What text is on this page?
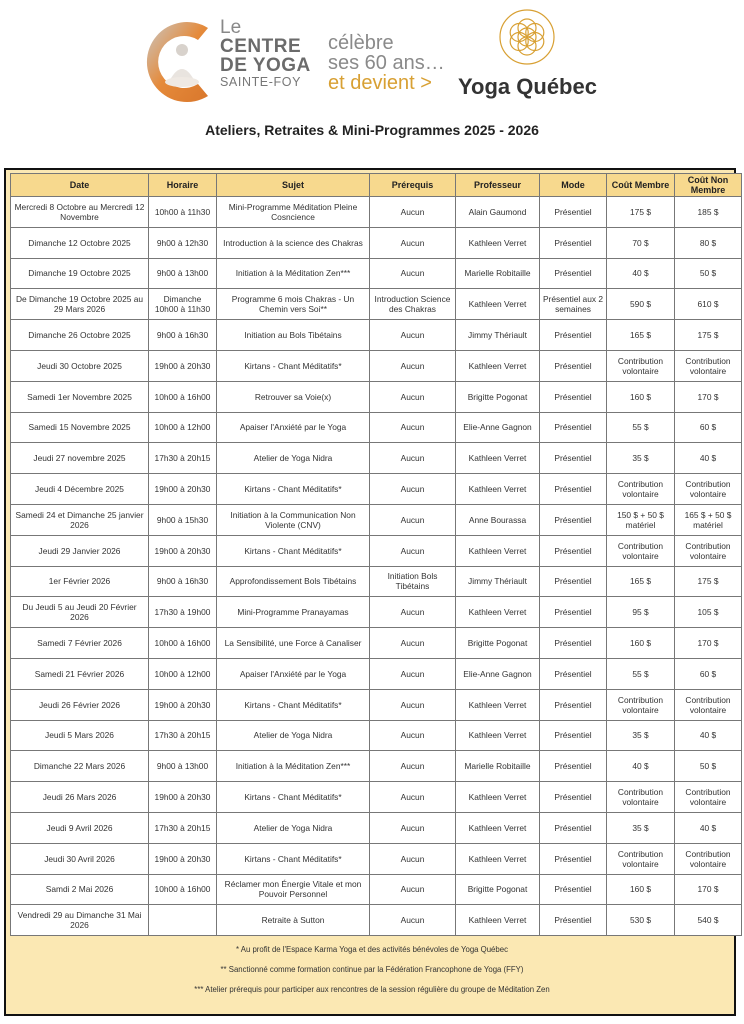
Le
CENTRE
DE YOGA
SAINTE-FOY
célèbre
ses 60 ans…
et devient >	Yoga Québec
Ateliers, Retraites & Mini-Programmes 2025 - 2026
Date	Horaire	Sujet	Prérequis	Professeur	Mode	Coût Membre	Coût Non Membre
Mercredi 8 Octobre au Mercredi 12 Novembre	10h00 à 11h30	Mini-Programme Méditation Pleine Cosncience	Aucun	Alain Gaumond	Présentiel	175 $	185 $
Dimanche 12 Octobre 2025	9h00 à 12h30	Introduction à la science des Chakras	Aucun	Kathleen Verret	Présentiel	70 $	80 $
Dimanche 19 Octobre 2025	9h00 à 13h00	Initiation à la Méditation Zen***	Aucun	Marielle Robitaille	Présentiel	40 $	50 $
De Dimanche 19 Octobre 2025 au 29 Mars 2026	Dimanche 10h00 à 11h30	Programme 6 mois Chakras - Un Chemin vers Soi**	Introduction Science des Chakras	Kathleen Verret	Présentiel aux 2 semaines	590 $	610 $
Dimanche 26 Octobre 2025	9h00 à 16h30	Initiation au Bols Tibétains	Aucun	Jimmy Thériault	Présentiel	165 $	175 $
Jeudi 30 Octobre 2025	19h00 à 20h30	Kirtans - Chant Méditatifs*	Aucun	Kathleen Verret	Présentiel	Contribution volontaire	Contribution volontaire
Samedi 1er Novembre 2025	10h00 à 16h00	Retrouver sa Voie(x)	Aucun	Brigitte Pogonat	Présentiel	160 $	170 $
Samedi 15 Novembre 2025	10h00 à 12h00	Apaiser l'Anxiété par le Yoga	Aucun	Elie-Anne Gagnon	Présentiel	55 $	60 $
Jeudi 27 novembre 2025	17h30 à 20h15	Atelier de Yoga Nidra	Aucun	Kathleen Verret	Présentiel	35 $	40 $
Jeudi 4 Décembre 2025	19h00 à 20h30	Kirtans - Chant Méditatifs*	Aucun	Kathleen Verret	Présentiel	Contribution volontaire	Contribution volontaire
Samedi 24 et Dimanche 25 janvier 2026	9h00 à 15h30	Initiation à la Communication Non Violente (CNV)	Aucun	Anne Bourassa	Présentiel	150 $ + 50 $ matériel	165 $ + 50 $ matériel
Jeudi 29 Janvier 2026	19h00 à 20h30	Kirtans - Chant Méditatifs*	Aucun	Kathleen Verret	Présentiel	Contribution volontaire	Contribution volontaire
1er Février 2026	9h00 à 16h30	Approfondissement Bols Tibétains	Initiation Bols Tibétains	Jimmy Thériault	Présentiel	165 $	175 $
Du Jeudi 5 au Jeudi 20 Février 2026	17h30 à 19h00	Mini-Programme Pranayamas	Aucun	Kathleen Verret	Présentiel	95 $	105 $
Samedi 7 Février 2026	10h00 à 16h00	La Sensibilité, une Force à Canaliser	Aucun	Brigitte Pogonat	Présentiel	160 $	170 $
Samedi 21 Février 2026	10h00 à 12h00	Apaiser l'Anxiété par le Yoga	Aucun	Elie-Anne Gagnon	Présentiel	55 $	60 $
Jeudi 26 Février 2026	19h00 à 20h30	Kirtans - Chant Méditatifs*	Aucun	Kathleen Verret	Présentiel	Contribution volontaire	Contribution volontaire
Jeudi 5 Mars 2026	17h30 à 20h15	Atelier de Yoga Nidra	Aucun	Kathleen Verret	Présentiel	35 $	40 $
Dimanche 22 Mars 2026	9h00 à 13h00	Initiation à la Méditation Zen***	Aucun	Marielle Robitaille	Présentiel	40 $	50 $
Jeudi 26 Mars 2026	19h00 à 20h30	Kirtans - Chant Méditatifs*	Aucun	Kathleen Verret	Présentiel	Contribution volontaire	Contribution volontaire
Jeudi 9 Avril 2026	17h30 à 20h15	Atelier de Yoga Nidra	Aucun	Kathleen Verret	Présentiel	35 $	40 $
Jeudi 30 Avril 2026	19h00 à 20h30	Kirtans - Chant Méditatifs*	Aucun	Kathleen Verret	Présentiel	Contribution volontaire	Contribution volontaire
Samdi 2 Mai 2026	10h00 à 16h00	Réclamer mon Énergie Vitale et mon Pouvoir Personnel	Aucun	Brigitte Pogonat	Présentiel	160 $	170 $
Vendredi 29 au Dimanche 31 Mai 2026		Retraite à Sutton	Aucun	Kathleen Verret	Présentiel	530 $	540 $
* Au profit de l'Espace Karma Yoga et des activités bénévoles de Yoga Québec
** Sanctionné comme formation continue par la Fédération Francophone de Yoga (FFY)
*** Atelier prérequis pour participer aux rencontres de la session régulière du groupe de Méditation Zen
